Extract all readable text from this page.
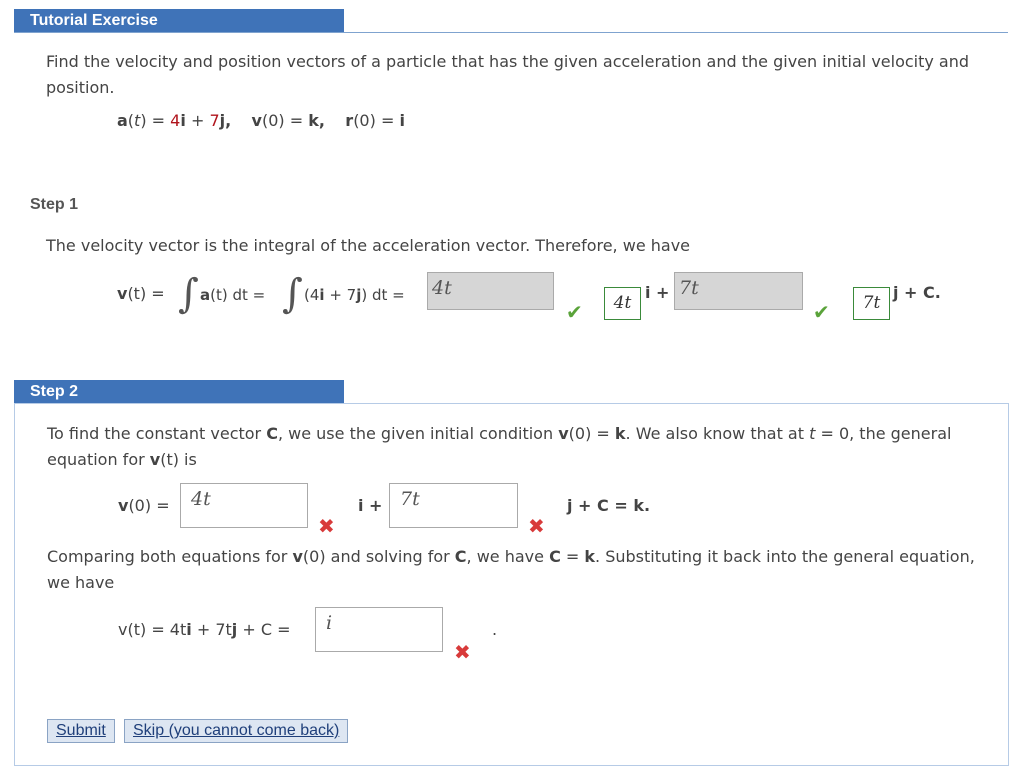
Tutorial Exercise
Find the velocity and position vectors of a particle that has the given acceleration and the given initial velocity and position.
a(t) = 4i + 7j, v(0) = k, r(0) = i
Step 1
The velocity vector is the integral of the acceleration vector. Therefore, we have
v(t) = ∫ a(t) dt = ∫ (4i + 7j) dt = 4t
✔	4t
i + 7t
✔	7t
j + C.
Step 2
To find the constant vector C, we use the given initial condition v(0) = k. We also know that at t = 0, the general equation for v(t) is
v(0) =	4t
✖
i + 7t
✖
j + C = k.
Comparing both equations for v(0) and solving for C, we have C = k. Substituting it back into the general equation, we have
v(t) = 4ti + 7tj + C =	i
✖
.
Submit	Skip (you cannot come back)
